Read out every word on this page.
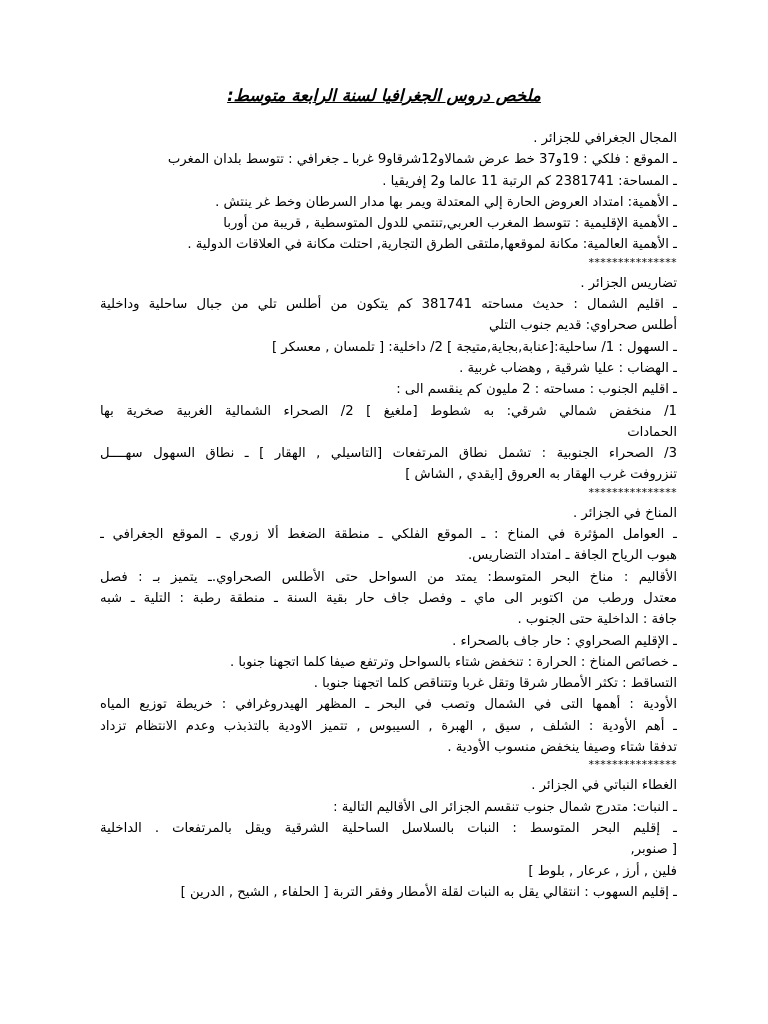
ملخص دروس الجغرافيا لسنة الرابعة متوسط:
المجال الجغرافي للجزائر .
ـ الموقع : فلكي : 19و37 خط عرض شمالاو12شرقاو9 غربا ـ جغرافي : تتوسط بلدان المغرب
ـ المساحة: 2381741 كم الرتبة 11 عالما و2 إفريقيا .
ـ الأهمية: امتداد العروض الحارة إلي المعتدلة ويمر بها مدار السرطان وخط غر ينتش .
ـ الأهمية الإقليمية : تتوسط المغرب العربي,تنتمي للدول المتوسطية , قريبة من أوربا
ـ الأهمية العالمية: مكانة لموقعها,ملتقى الطرق التجارية, احتلت مكانة في العلاقات الدولية .
***************
تضاريس الجزائر .
ـ اقليم الشمال : حديث مساحته 381741 كم يتكون من أطلس تلي من جبال ساحلية وداخلية
أطلس صحراوي: قديم جنوب التلي
ـ السهول : 1/ ساحلية:[عنابة,بجاية,متيجة ] 2/ داخلية: [ تلمسان , معسكر ]
ـ الهضاب : عليا شرقية , وهضاب غربية .
ـ اقليم الجنوب : مساحته : 2 مليون كم ينقسم الى :
1/ منخفض شمالي شرقي: به شطوط [ملغيغ ] 2/ الصحراء الشمالية الغربية صخرية بها
الحمادات
3/ الصحراء الجنوبية : تشمل نطاق المرتفعات [التاسيلي , الهقار ] ـ نطاق السهول سهــــل
تنزروفت غرب الهقار به العروق [ايقدي , الشاش ]
***************
المناخ في الجزائر .
ـ العوامل المؤثرة في المناخ : ـ الموقع الفلكي ـ منطقة الضغط ألا زوري ـ الموقع الجغرافي ـ
هبوب الرياح الجافة ـ امتداد التضاريس.
الأقاليم : مناخ البحر المتوسط: يمتد من السواحل حتى الأطلس الصحراوي.ـ يتميز بـ : فصل
معتدل ورطب من اكتوبر الى ماي ـ وفصل جاف حار بقية السنة ـ منطقة رطبة : التلية ـ شبه
جافة : الداخلية حتى الجنوب .
ـ الإقليم الصحراوي : حار جاف بالصحراء .
ـ خصائص المناخ : الحرارة : تنخفض شتاء بالسواحل وترتفع صيفا كلما اتجهنا جنوبا .
التساقط : تكثر الأمطار شرقا وتقل غربا وتتناقص كلما اتجهنا جنوبا .
الأودية : أهمها التى في الشمال وتصب في البحر ـ المظهر الهيدروغرافي : خريطة توزيع المياه
ـ أهم الأودية : الشلف , سيق , الهبرة , السيبوس , تتميز الاودية بالتذبذب وعدم الانتظام تزداد
تدفقا شتاء وصيفا ينخفض منسوب الأودية .
***************
الغطاء النباتي في الجزائر .
ـ النبات: متدرج شمال جنوب تنقسم الجزائر الى الأقاليم التالية :
ـ إقليم البحر المتوسط : النبات بالسلاسل الساحلية الشرقية ويقل بالمرتفعات . الداخلية
[ صنوبر,
فلين , أرز , عرعار , بلوط ]
ـ إقليم السهوب : انتقالي يقل به النبات لقلة الأمطار وفقر التربة [ الحلفاء , الشيح , الدرين ]
